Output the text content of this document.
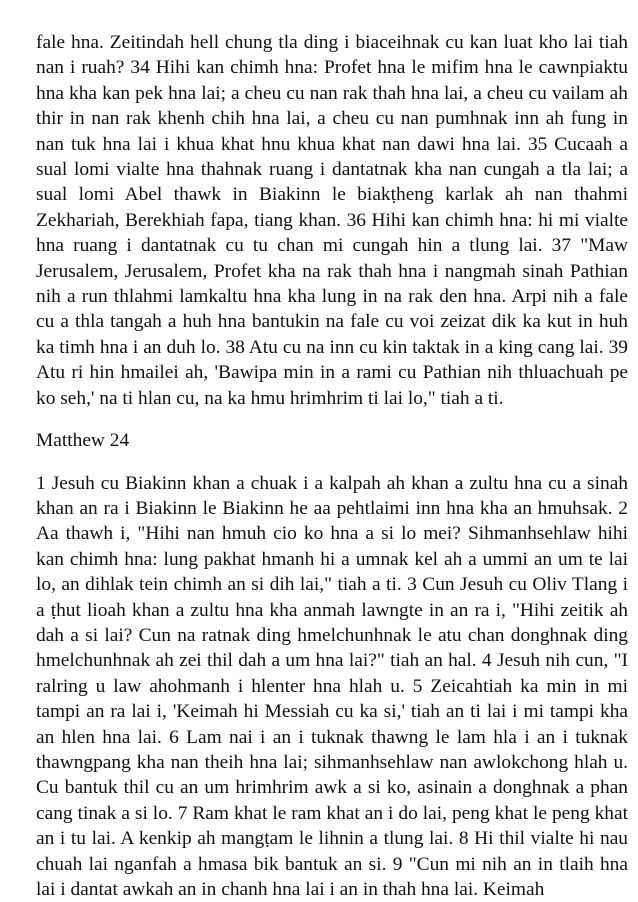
fale hna. Zeitindah hell chung tla ding i biaceihnak cu kan luat kho lai tiah nan i ruah? 34 Hihi kan chimh hna: Profet hna le mifim hna le cawnpiaktu hna kha kan pek hna lai; a cheu cu nan rak thah hna lai, a cheu cu vailam ah thir in nan rak khenh chih hna lai, a cheu cu nan pumhnak inn ah fung in nan tuk hna lai i khua khat hnu khua khat nan dawi hna lai. 35 Cucaah a sual lomi vialte hna thahnak ruang i dantatnak kha nan cungah a tla lai; a sual lomi Abel thawk in Biakinn le biakṭheng karlak ah nan thahmi Zekhariah, Berekhiah fapa, tiang khan. 36 Hihi kan chimh hna: hi mi vialte hna ruang i dantatnak cu tu chan mi cungah hin a tlung lai. 37 "Maw Jerusalem, Jerusalem, Profet kha na rak thah hna i nangmah sinah Pathian nih a run thlahmi lamkaltu hna kha lung in na rak den hna. Arpi nih a fale cu a thla tangah a huh hna bantukin na fale cu voi zeizat dik ka kut in huh ka timh hna i an duh lo. 38 Atu cu na inn cu kin taktak in a king cang lai. 39 Atu ri hin hmailei ah, 'Bawipa min in a rami cu Pathian nih thluachuah pe ko seh,' na ti hlan cu, na ka hmu hrimhrim ti lai lo," tiah a ti.

Matthew 24

1 Jesuh cu Biakinn khan a chuak i a kalpah ah khan a zultu hna cu a sinah khan an ra i Biakinn le Biakinn he aa pehtlaimi inn hna kha an hmuhsak. 2 Aa thawh i, "Hihi nan hmuh cio ko hna a si lo mei? Sihmanhsehlaw hihi kan chimh hna: lung pakhat hmanh hi a umnak kel ah a ummi an um te lai lo, an dihlak tein chimh an si dih lai," tiah a ti. 3 Cun Jesuh cu Oliv Tlang i a ṭhut lioah khan a zultu hna kha anmah lawngte in an ra i, "Hihi zeitik ah dah a si lai? Cun na ratnak ding hmelchunhnak le atu chan donghnak ding hmelchunhnak ah zei thil dah a um hna lai?" tiah an hal. 4 Jesuh nih cun, "I ralring u law ahohmanh i hlenter hna hlah u. 5 Zeicahtiah ka min in mi tampi an ra lai i, 'Keimah hi Messiah cu ka si,' tiah an ti lai i mi tampi kha an hlen hna lai. 6 Lam nai i an i tuknak thawng le lam hla i an i tuknak thawngpang kha nan theih hna lai; sihmanhsehlaw nan awlokchong hlah u. Cu bantuk thil cu an um hrimhrim awk a si ko, asinain a donghnak a phan cang tinak a si lo. 7 Ram khat le ram khat an i do lai, peng khat le peng khat an i tu lai. A kenkip ah mangṭam le lihnin a tlung lai. 8 Hi thil vialte hi nau chuah lai nganfah a hmasa bik bantuk an si. 9 "Cun mi nih an in tlaih hna lai i dantat awkah an in chanh hna lai i an in thah hna lai. Keimah
